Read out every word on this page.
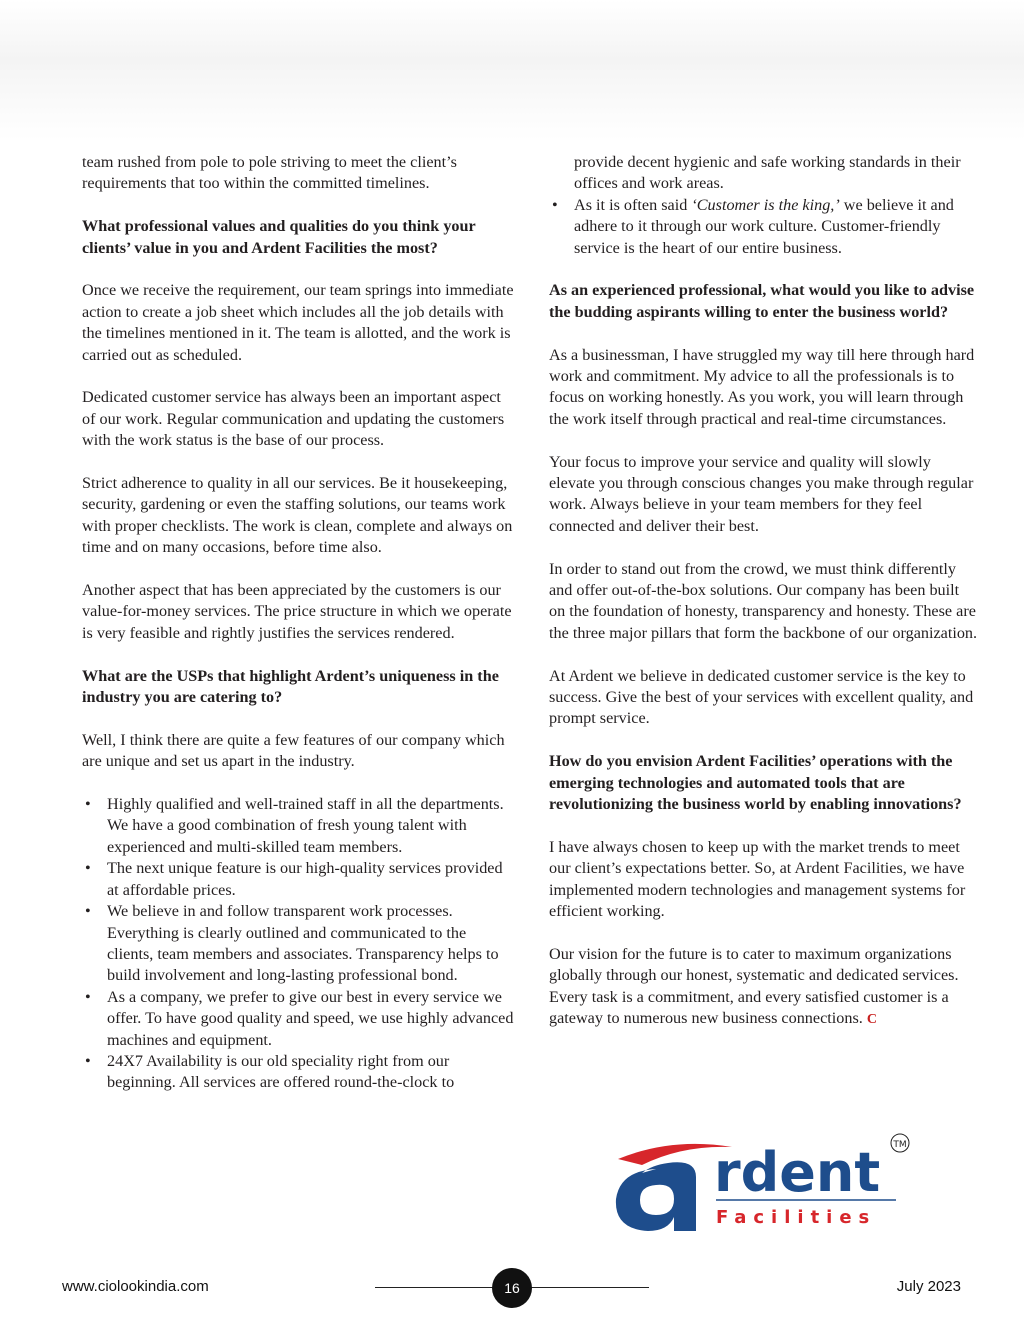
team rushed from pole to pole striving to meet the client’s requirements that too within the committed timelines.

What professional values and qualities do you think your clients’ value in you and Ardent Facilities the most?

Once we receive the requirement, our team springs into immediate action to create a job sheet which includes all the job details with the timelines mentioned in it. The team is allotted, and the work is carried out as scheduled.

Dedicated customer service has always been an important aspect of our work. Regular communication and updating the customers with the work status is the base of our process.

Strict adherence to quality in all our services. Be it housekeeping, security, gardening or even the staffing solutions, our teams work with proper checklists. The work is clean, complete and always on time and on many occasions, before time also.

Another aspect that has been appreciated by the customers is our value-for-money services. The price structure in which we operate is very feasible and rightly justifies the services rendered.

What are the USPs that highlight Ardent’s uniqueness in the industry you are catering to?

Well, I think there are quite a few features of our company which are unique and set us apart in the industry.

• Highly qualified and well-trained staff in all the departments. We have a good combination of fresh young talent with experienced and multi-skilled team members.
• The next unique feature is our high-quality services provided at affordable prices.
• We believe in and follow transparent work processes. Everything is clearly outlined and communicated to the clients, team members and associates. Transparency helps to build involvement and long-lasting professional bond.
• As a company, we prefer to give our best in every service we offer. To have good quality and speed, we use highly advanced machines and equipment.
• 24X7 Availability is our old speciality right from our beginning. All services are offered round-the-clock to
provide decent hygienic and safe working standards in their offices and work areas.
• As it is often said ‘Customer is the king,’ we believe it and adhere to it through our work culture. Customer-friendly service is the heart of our entire business.

As an experienced professional, what would you like to advise the budding aspirants willing to enter the business world?

As a businessman, I have struggled my way till here through hard work and commitment. My advice to all the professionals is to focus on working honestly. As you work, you will learn through the work itself through practical and real-time circumstances.

Your focus to improve your service and quality will slowly elevate you through conscious changes you make through regular work. Always believe in your team members for they feel connected and deliver their best.

In order to stand out from the crowd, we must think differently and offer out-of-the-box solutions. Our company has been built on the foundation of honesty, transparency and honesty. These are the three major pillars that form the backbone of our organization.

At Ardent we believe in dedicated customer service is the key to success. Give the best of your services with excellent quality, and prompt service.

How do you envision Ardent Facilities’ operations with the emerging technologies and automated tools that are revolutionizing the business world by enabling innovations?

I have always chosen to keep up with the market trends to meet our client’s expectations better. So, at Ardent Facilities, we have implemented modern technologies and management systems for efficient working.

Our vision for the future is to cater to maximum organizations globally through our honest, systematic and dedicated services. Every task is a commitment, and every satisfied customer is a gateway to numerous new business connections. C

rdent
Facilities
TM
www.ciolookindia.com	16	July 2023
